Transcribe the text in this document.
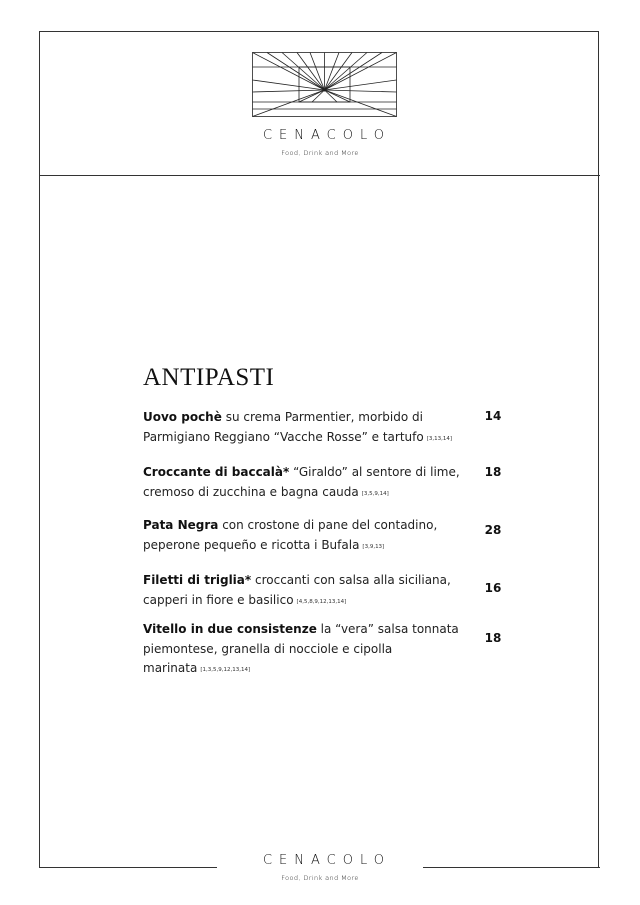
CENACOLO
Food, Drink and More
ANTIPASTI
Uovo pochè su crema Parmentier, morbido di Parmigiano Reggiano “Vacche Rosse” e tartufo [3,13,14]
14
Croccante di baccalà* “Giraldo” al sentore di lime, cremoso di zucchina e bagna cauda [3,5,9,14]
18
Pata Negra con crostone di pane del contadino, peperone pequeño e ricotta i Bufala [3,9,13]
28
Filetti di triglia* croccanti con salsa alla siciliana, capperi in fiore e basilico [4,5,8,9,12,13,14]
16
Vitello in due consistenze la “vera” salsa tonnata piemontese, granella di nocciole e cipolla marinata [1,3,5,9,12,13,14]
18
CENACOLO
Food, Drink and More
